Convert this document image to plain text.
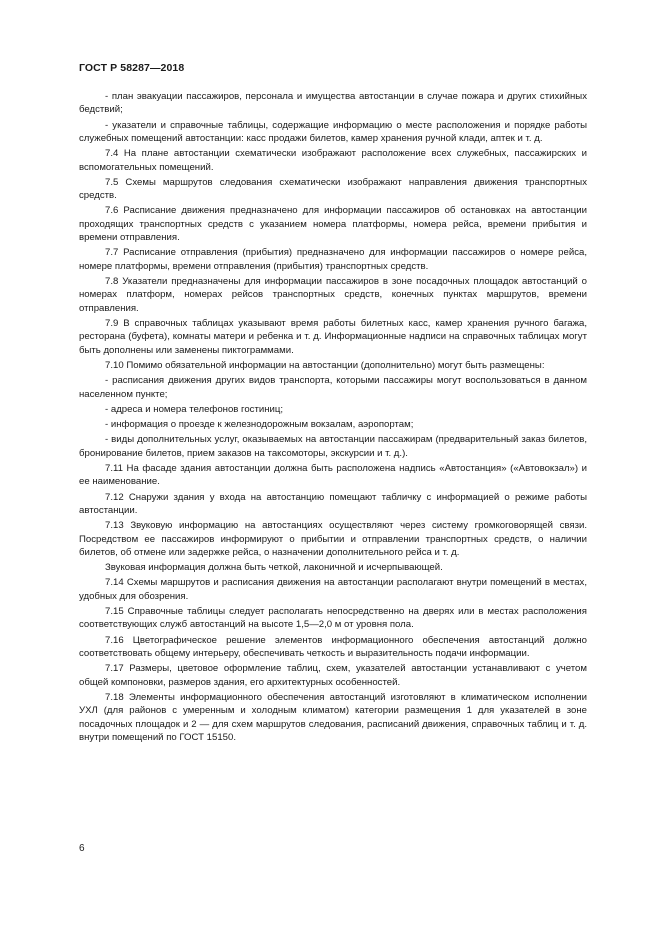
ГОСТ Р 58287—2018

- план эвакуации пассажиров, персонала и имущества автостанции в случае пожара и других стихийных бедствий;

- указатели и справочные таблицы, содержащие информацию о месте расположения и порядке работы служебных помещений автостанции: касс продажи билетов, камер хранения ручной клади, аптек и т. д.

7.4 На плане автостанции схематически изображают расположение всех служебных, пассажирских и вспомогательных помещений.

7.5 Схемы маршрутов следования схематически изображают направления движения транспортных средств.

7.6 Расписание движения предназначено для информации пассажиров об остановках на автостанции проходящих транспортных средств с указанием номера платформы, номера рейса, времени прибытия и времени отправления.

7.7 Расписание отправления (прибытия) предназначено для информации пассажиров о номере рейса, номере платформы, времени отправления (прибытия) транспортных средств.

7.8 Указатели предназначены для информации пассажиров в зоне посадочных площадок автостанций о номерах платформ, номерах рейсов транспортных средств, конечных пунктах маршрутов, времени отправления.

7.9 В справочных таблицах указывают время работы билетных касс, камер хранения ручного багажа, ресторана (буфета), комнаты матери и ребенка и т. д. Информационные надписи на справочных таблицах могут быть дополнены или заменены пиктограммами.

7.10 Помимо обязательной информации на автостанции (дополнительно) могут быть размещены:

- расписания движения других видов транспорта, которыми пассажиры могут воспользоваться в данном населенном пункте;

- адреса и номера телефонов гостиниц;

- информация о проезде к железнодорожным вокзалам, аэропортам;

- виды дополнительных услуг, оказываемых на автостанции пассажирам (предварительный заказ билетов, бронирование билетов, прием заказов на таксомоторы, экскурсии и т. д.).

7.11 На фасаде здания автостанции должна быть расположена надпись «Автостанция» («Автовокзал») и ее наименование.

7.12 Снаружи здания у входа на автостанцию помещают табличку с информацией о режиме работы автостанции.

7.13 Звуковую информацию на автостанциях осуществляют через систему громкоговорящей связи. Посредством ее пассажиров информируют о прибытии и отправлении транспортных средств, о наличии билетов, об отмене или задержке рейса, о назначении дополнительного рейса и т. д.

Звуковая информация должна быть четкой, лаконичной и исчерпывающей.

7.14 Схемы маршрутов и расписания движения на автостанции располагают внутри помещений в местах, удобных для обозрения.

7.15 Справочные таблицы следует располагать непосредственно на дверях или в местах расположения соответствующих служб автостанций на высоте 1,5—2,0 м от уровня пола.

7.16 Цветографическое решение элементов информационного обеспечения автостанций должно соответствовать общему интерьеру, обеспечивать четкость и выразительность подачи информации.

7.17 Размеры, цветовое оформление таблиц, схем, указателей автостанции устанавливают с учетом общей компоновки, размеров здания, его архитектурных особенностей.

7.18 Элементы информационного обеспечения автостанций изготовляют в климатическом исполнении УХЛ (для районов с умеренным и холодным климатом) категории размещения 1 для указателей в зоне посадочных площадок и 2 — для схем маршрутов следования, расписаний движения, справочных таблиц и т. д. внутри помещений по ГОСТ 15150.

6
